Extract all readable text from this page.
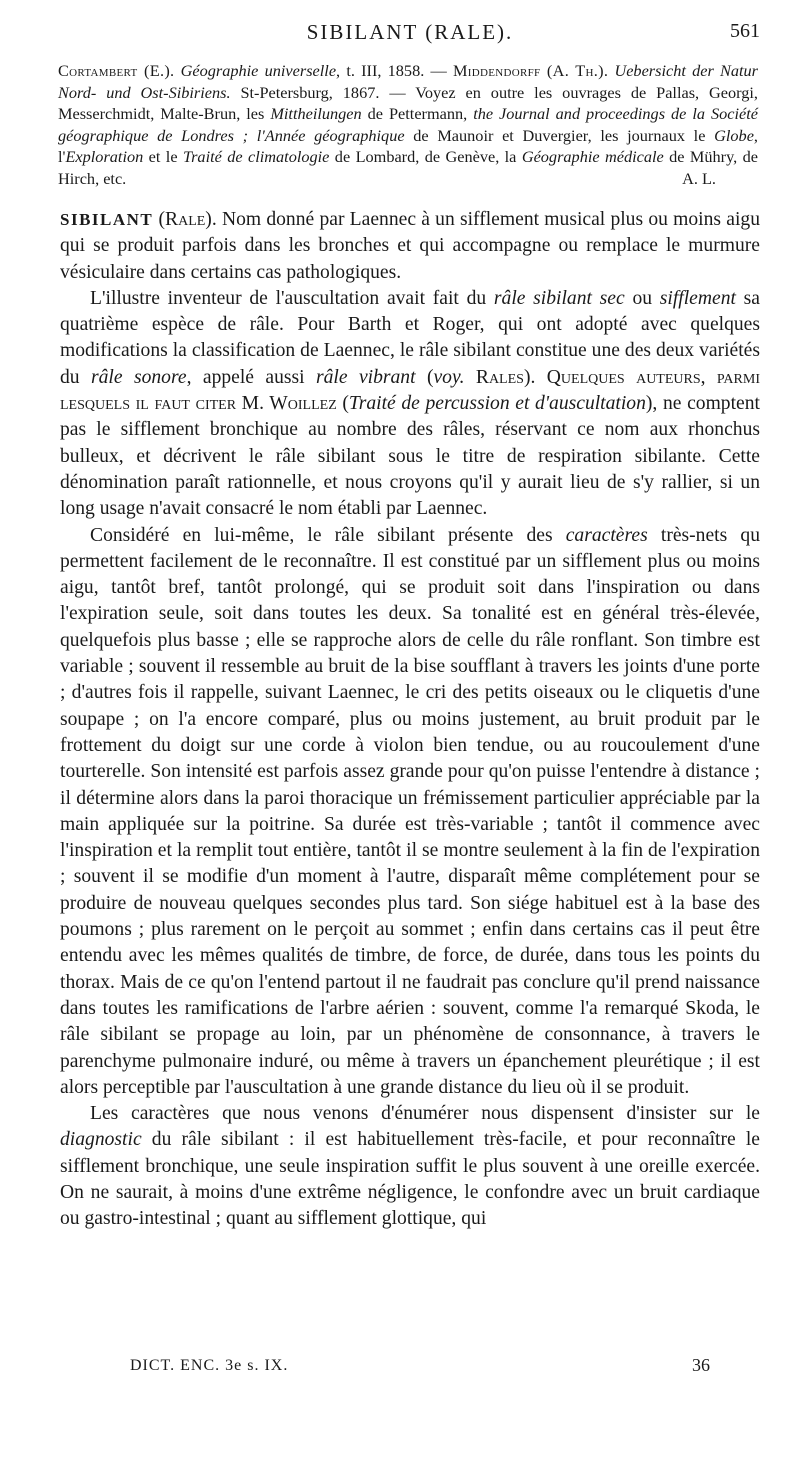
SIBILANT (RALE).	561
Cortambert (E.). Géographie universelle, t. III, 1858. — Middendorff (A. Th.). Uebersicht der Natur Nord- und Ost-Sibiriens. St-Petersburg, 1867. — Voyez en outre les ouvrages de Pallas, Georgi, Messerchmidt, Malte-Brun, les Mittheilungen de Pettermann, the Journal and proceedings de la Société géographique de Londres ; l'Année géographique de Maunoir et Duvergier, les journaux le Globe, l'Exploration et le Traité de climatologie de Lombard, de Genève, la Géographie médicale de Mühry, de Hirch, etc.	A. L.

SIBILANT (Rale). Nom donné par Laennec à un sifflement musical plus ou moins aigu qui se produit parfois dans les bronches et qui accompagne ou remplace le murmure vésiculaire dans certains cas pathologiques.

L'illustre inventeur de l'auscultation avait fait du râle sibilant sec ou sifflement sa quatrième espèce de râle. Pour Barth et Roger, qui ont adopté avec quelques modifications la classification de Laennec, le râle sibilant constitue une des deux variétés du râle sonore, appelé aussi râle vibrant (voy. Rales). Quelques auteurs, parmi lesquels il faut citer M. Woillez (Traité de percussion et d'auscultation), ne comptent pas le sifflement bronchique au nombre des râles, réservant ce nom aux rhonchus bulleux, et décrivent le râle sibilant sous le titre de respiration sibilante. Cette dénomination paraît rationnelle, et nous croyons qu'il y aurait lieu de s'y rallier, si un long usage n'avait consacré le nom établi par Laennec.

Considéré en lui-même, le râle sibilant présente des caractères très-nets qu permettent facilement de le reconnaître. Il est constitué par un sifflement plus ou moins aigu, tantôt bref, tantôt prolongé, qui se produit soit dans l'inspiration ou dans l'expiration seule, soit dans toutes les deux. Sa tonalité est en général très-élevée, quelquefois plus basse ; elle se rapproche alors de celle du râle ronflant. Son timbre est variable ; souvent il ressemble au bruit de la bise soufflant à travers les joints d'une porte ; d'autres fois il rappelle, suivant Laennec, le cri des petits oiseaux ou le cliquetis d'une soupape ; on l'a encore comparé, plus ou moins justement, au bruit produit par le frottement du doigt sur une corde à violon bien tendue, ou au roucoulement d'une tourterelle. Son intensité est parfois assez grande pour qu'on puisse l'entendre à distance ; il détermine alors dans la paroi thoracique un frémissement particulier appréciable par la main appliquée sur la poitrine. Sa durée est très-variable ; tantôt il commence avec l'inspiration et la remplit tout entière, tantôt il se montre seulement à la fin de l'expiration ; souvent il se modifie d'un moment à l'autre, disparaît même complétement pour se produire de nouveau quelques secondes plus tard. Son siége habituel est à la base des poumons ; plus rarement on le perçoit au sommet ; enfin dans certains cas il peut être entendu avec les mêmes qualités de timbre, de force, de durée, dans tous les points du thorax. Mais de ce qu'on l'entend partout il ne faudrait pas conclure qu'il prend naissance dans toutes les ramifications de l'arbre aérien : souvent, comme l'a remarqué Skoda, le râle sibilant se propage au loin, par un phénomène de consonnance, à travers le parenchyme pulmonaire induré, ou même à travers un épanchement pleurétique ; il est alors perceptible par l'auscultation à une grande distance du lieu où il se produit.

Les caractères que nous venons d'énumérer nous dispensent d'insister sur le diagnostic du râle sibilant : il est habituellement très-facile, et pour reconnaître le sifflement bronchique, une seule inspiration suffit le plus souvent à une oreille exercée. On ne saurait, à moins d'une extrême négligence, le confondre avec un bruit cardiaque ou gastro-intestinal ; quant au sifflement glottique, qui

DICT. ENC. 3e s. IX.	36
